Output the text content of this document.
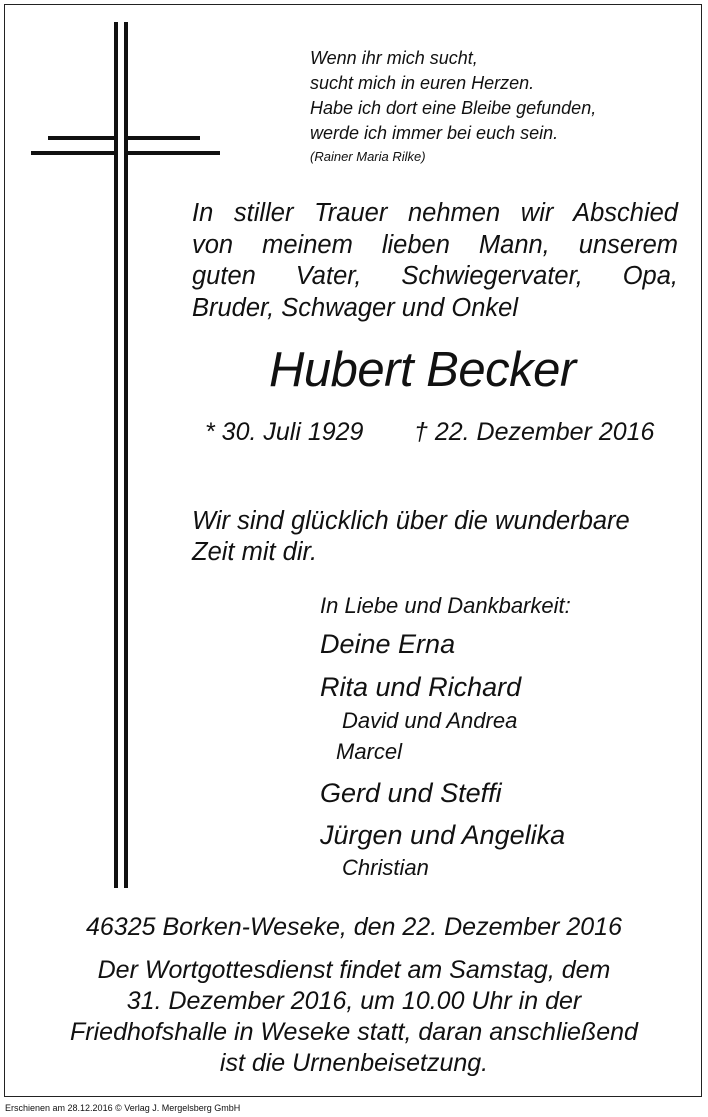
Wenn ihr mich sucht,
sucht mich in euren Herzen.
Habe ich dort eine Bleibe gefunden,
werde ich immer bei euch sein.
(Rainer Maria Rilke)
In stiller Trauer nehmen wir Abschied
von meinem lieben Mann, unserem
guten Vater, Schwiegervater, Opa,
Bruder, Schwager und Onkel
Hubert Becker
* 30. Juli 1929 † 22. Dezember 2016
Wir sind glücklich über die wunderbare
Zeit mit dir.
In Liebe und Dankbarkeit:
Deine Erna
Rita und Richard
David und Andrea
Marcel
Gerd und Steffi
Jürgen und Angelika
Christian
46325 Borken-Weseke, den 22. Dezember 2016
Der Wortgottesdienst findet am Samstag, dem
31. Dezember 2016, um 10.00 Uhr in der
Friedhofshalle in Weseke statt, daran anschließend
ist die Urnenbeisetzung.
Erschienen am 28.12.2016 © Verlag J. Mergelsberg GmbH
